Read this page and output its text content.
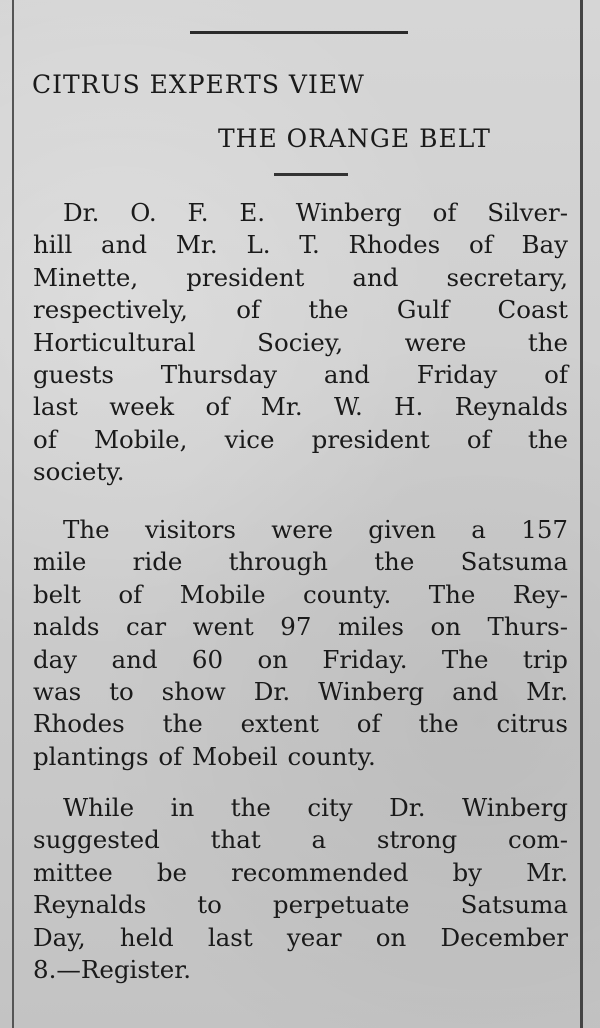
CITRUS EXPERTS VIEW
THE ORANGE BELT
Dr. O. F. E. Winberg of Silver-
hill and Mr. L. T. Rhodes of Bay
Minette, president and secretary,
respectively, of the Gulf Coast
Horticultural Sociey, were the
guests Thursday and Friday of
last week of Mr. W. H. Reynalds
of Mobile, vice president of the
society.
The visitors were given a 157
mile ride through the Satsuma
belt of Mobile county. The Rey-
nalds car went 97 miles on Thurs-
day and 60 on Friday. The trip
was to show Dr. Winberg and Mr.
Rhodes the extent of the citrus
plantings of Mobeil county.
While in the city Dr. Winberg
suggested that a strong com-
mittee be recommended by Mr.
Reynalds to perpetuate Satsuma
Day, held last year on December
8.—Register.
